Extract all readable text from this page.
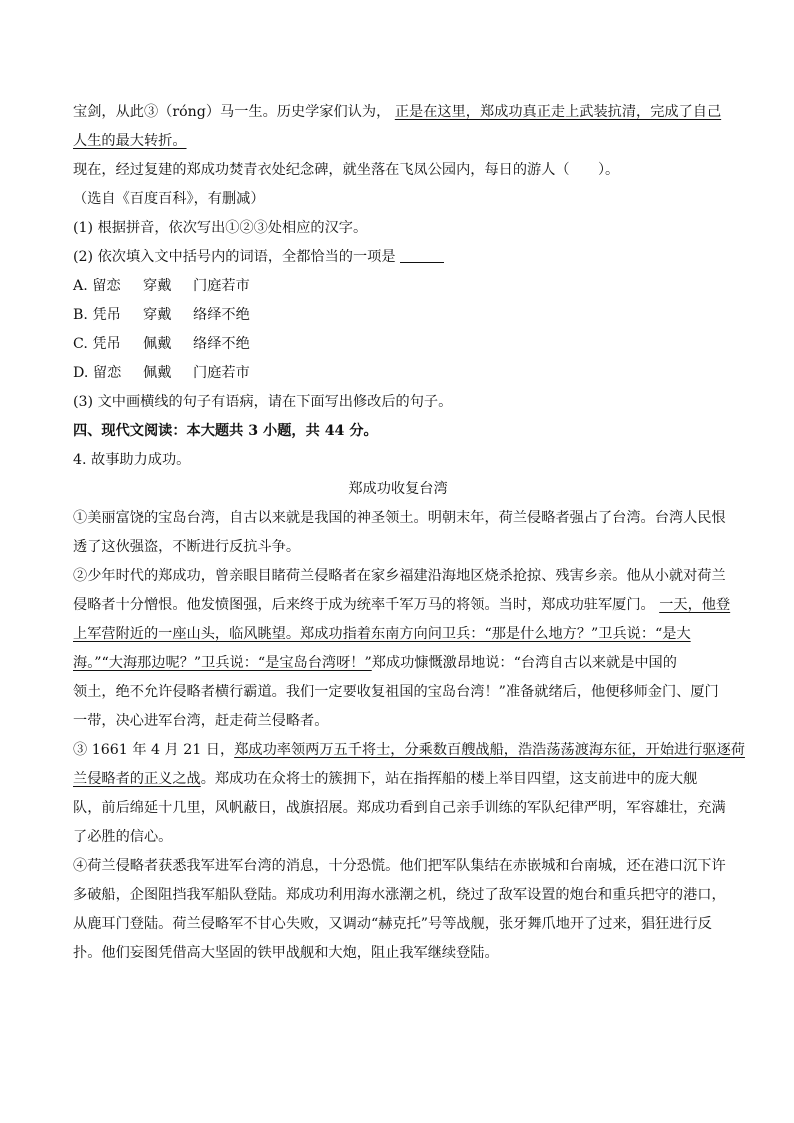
宝剑，从此③（róng）马一生。历史学家们认为， 正是在这里，郑成功真正走上武装抗清，完成了自己
人生的最大转折。
现在，经过复建的郑成功焚青衣处纪念碑，就坐落在飞凤公园内，每日的游人（　　）。
（选自《百度百科》，有删减）
(1) 根据拼音，依次写出①②③处相应的汉字。
(2) 依次填入文中括号内的词语，全都恰当的一项是
A. 留恋 穿戴 门庭若市
B. 凭吊 穿戴 络绎不绝
C. 凭吊 佩戴 络绎不绝
D. 留恋 佩戴 门庭若市
(3) 文中画横线的句子有语病，请在下面写出修改后的句子。
四、现代文阅读：本大题共 3 小题，共 44 分。
4. 故事助力成功。
郑成功收复台湾
①美丽富饶的宝岛台湾，自古以来就是我国的神圣领土。明朝末年，荷兰侵略者强占了台湾。台湾人民恨
透了这伙强盗，不断进行反抗斗争。
②少年时代的郑成功，曾亲眼目睹荷兰侵略者在家乡福建沿海地区烧杀抢掠、残害乡亲。他从小就对荷兰
侵略者十分憎恨。他发愤图强，后来终于成为统率千军万马的将领。当时，郑成功驻军厦门。 一天，他登
上军营附近的一座山头，临风眺望。郑成功指着东南方向问卫兵：“那是什么地方？”卫兵说：“是大
海。”“大海那边呢？”卫兵说：“是宝岛台湾呀！”郑成功慷慨激昂地说：“台湾自古以来就是中国的
领土，绝不允许侵略者横行霸道。我们一定要收复祖国的宝岛台湾！”准备就绪后，他便移师金门、厦门
一带，决心进军台湾，赶走荷兰侵略者。
③ 1661 年 4 月 21 日，郑成功率领两万五千将士，分乘数百艘战船，浩浩荡荡渡海东征，开始进行驱逐荷
兰侵略者的正义之战。郑成功在众将士的簇拥下，站在指挥船的楼上举目四望，这支前进中的庞大舰
队，前后绵延十几里，风帆蔽日，战旗招展。郑成功看到自己亲手训练的军队纪律严明，军容雄壮，充满
了必胜的信心。
④荷兰侵略者获悉我军进军台湾的消息，十分恐慌。他们把军队集结在赤嵌城和台南城，还在港口沉下许
多破船，企图阻挡我军船队登陆。郑成功利用海水涨潮之机，绕过了敌军设置的炮台和重兵把守的港口，
从鹿耳门登陆。荷兰侵略军不甘心失败，又调动“赫克托”号等战舰，张牙舞爪地开了过来，猖狂进行反
扑。他们妄图凭借高大坚固的铁甲战舰和大炮，阻止我军继续登陆。
